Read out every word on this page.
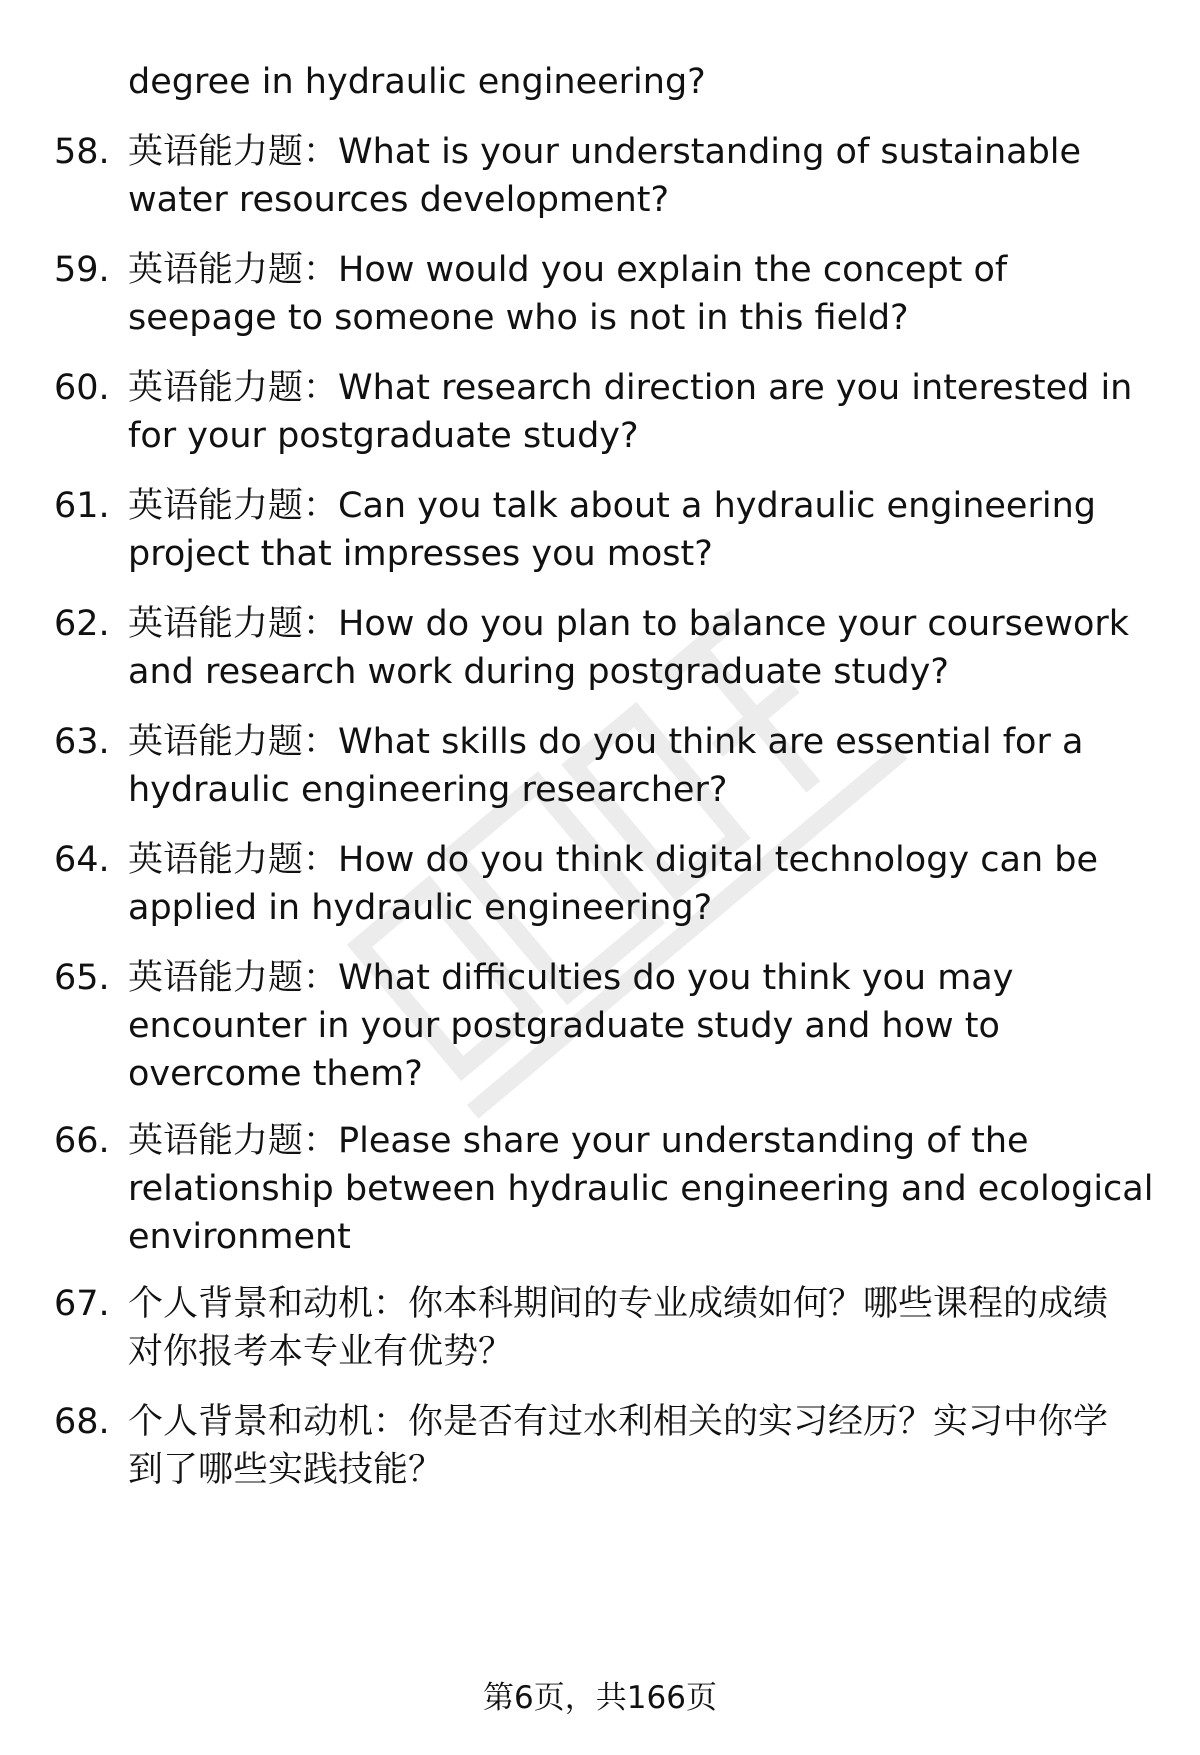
degree in hydraulic engineering?
58. 英语能力题：What is your understanding of sustainable
water resources development?
59. 英语能力题：How would you explain the concept of
seepage to someone who is not in this field?
60. 英语能力题：What research direction are you interested in
for your postgraduate study?
61. 英语能力题：Can you talk about a hydraulic engineering
project that impresses you most?
62. 英语能力题：How do you plan to balance your coursework
and research work during postgraduate study?
63. 英语能力题：What skills do you think are essential for a
hydraulic engineering researcher?
64. 英语能力题：How do you think digital technology can be
applied in hydraulic engineering?
65. 英语能力题：What difficulties do you think you may
encounter in your postgraduate study and how to
overcome them?
66. 英语能力题：Please share your understanding of the
relationship between hydraulic engineering and ecological
environment
67. 个人背景和动机：你本科期间的专业成绩如何？哪些课程的成绩
对你报考本专业有优势？
68. 个人背景和动机：你是否有过水利相关的实习经历？实习中你学
到了哪些实践技能？
第6页，共166页
